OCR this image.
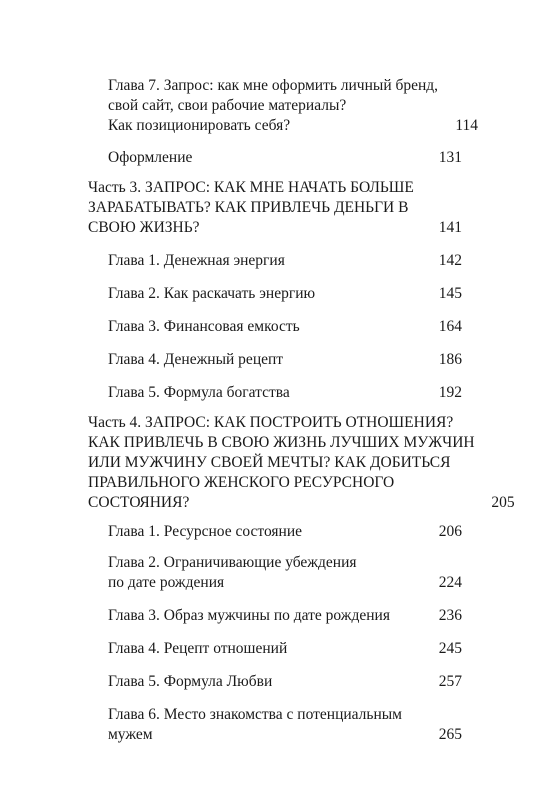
Глава 7. Запрос: как мне оформить личный бренд,
свой сайт, свои рабочие материалы?
Как позиционировать себя?	114
Оформление	131
Часть 3. ЗАПРОС: КАК МНЕ НАЧАТЬ БОЛЬШЕ
ЗАРАБАТЫВАТЬ? КАК ПРИВЛЕЧЬ ДЕНЬГИ В
СВОЮ ЖИЗНЬ?	141
Глава 1. Денежная энергия	142
Глава 2. Как раскачать энергию	145
Глава 3. Финансовая емкость	164
Глава 4. Денежный рецепт	186
Глава 5. Формула богатства	192
Часть 4. ЗАПРОС: КАК ПОСТРОИТЬ ОТНОШЕНИЯ?
КАК ПРИВЛЕЧЬ В СВОЮ ЖИЗНЬ ЛУЧШИХ МУЖЧИН
ИЛИ МУЖЧИНУ СВОЕЙ МЕЧТЫ? КАК ДОБИТЬСЯ
ПРАВИЛЬНОГО ЖЕНСКОГО РЕСУРСНОГО
СОСТОЯНИЯ?	205
Глава 1. Ресурсное состояние	206
Глава 2. Ограничивающие убеждения
по дате рождения	224
Глава 3. Образ мужчины по дате рождения	236
Глава 4. Рецепт отношений	245
Глава 5. Формула Любви	257
Глава 6. Место знакомства с потенциальным
мужем	265
